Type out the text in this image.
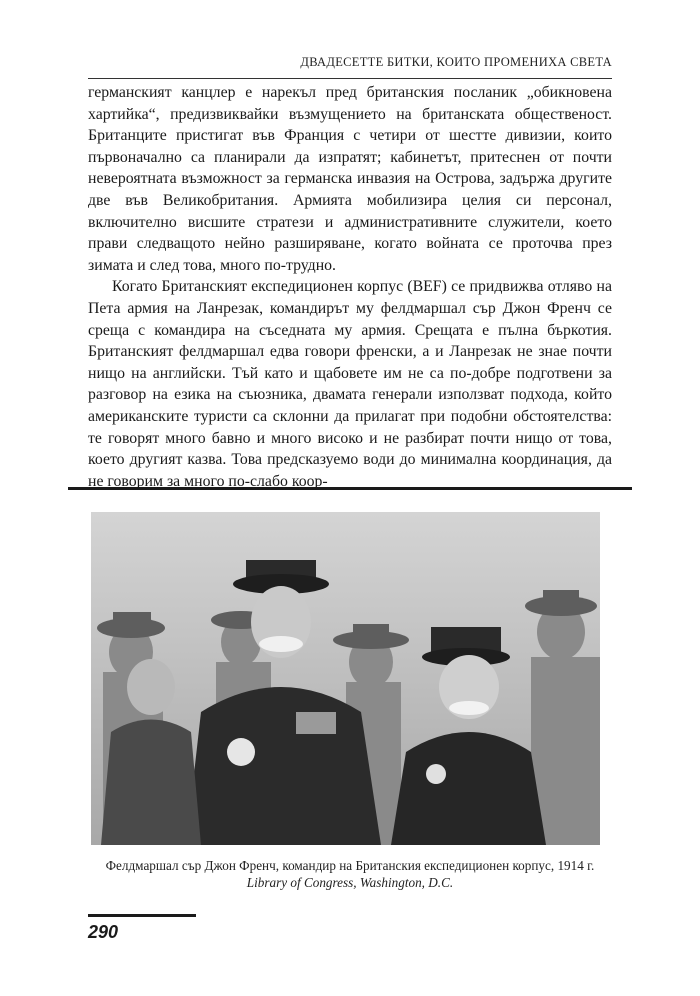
ДВАДЕСЕТТЕ БИТКИ, КОИТО ПРОМЕНИХА СВЕТА

германският канцлер е нарекъл пред британския посланик „обикновена хартийка“, предизвиквайки възмущението на британската общественост. Британците пристигат във Франция с четири от шестте дивизии, които първоначално са планирали да изпратят; кабинетът, притеснен от почти невероятната възможност за германска инвазия на Острова, задържа другите две във Великобритания. Армията мобилизира целия си персонал, включително висшите стратези и административните служители, което прави следващото нейно разширяване, когато войната се проточва през зимата и след това, много по-трудно.

Когато Британският експедиционен корпус (BEF) се придвижва отляво на Пета армия на Ланрезак, командирът му фелдмаршал сър Джон Френч се среща с командира на съседната му армия. Срещата е пълна бъркотия. Британският фелдмаршал едва говори френски, а и Ланрезак не знае почти нищо на английски. Тъй като и щабовете им не са по-добре подготвени за разговор на езика на съюзника, двамата генерали използват подхода, който американските туристи са склонни да прилагат при подобни обстоятелства: те говорят много бавно и много високо и не разбират почти нищо от това, което другият казва. Това предсказуемо води до минимална координация, да не говорим за много по-слабо коор-

Фелдмаршал сър Джон Френч, командир на Британския експедиционен корпус, 1914 г.
Library of Congress, Washington, D.C.
290
